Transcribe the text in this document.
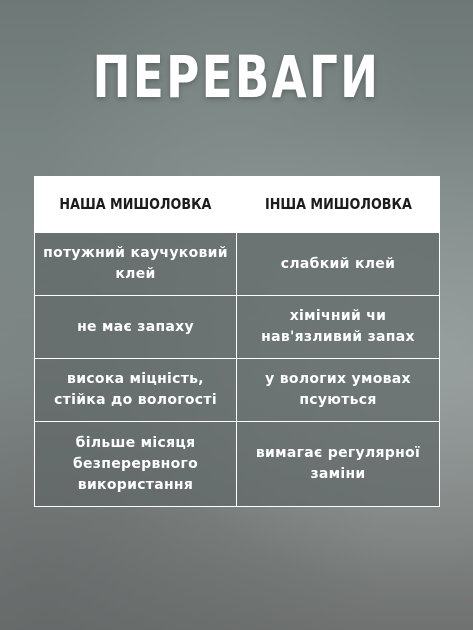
ПЕРЕВАГИ
НАША МИШОЛОВКА	ІНША МИШОЛОВКА
потужний каучуковий клей	слабкий клей
не має запаху	хімічний чи нав'язливий запах
висока міцність, стійка до вологості	у вологих умовах псуються
більше місяця безперервного використання	вимагає регулярної заміни
